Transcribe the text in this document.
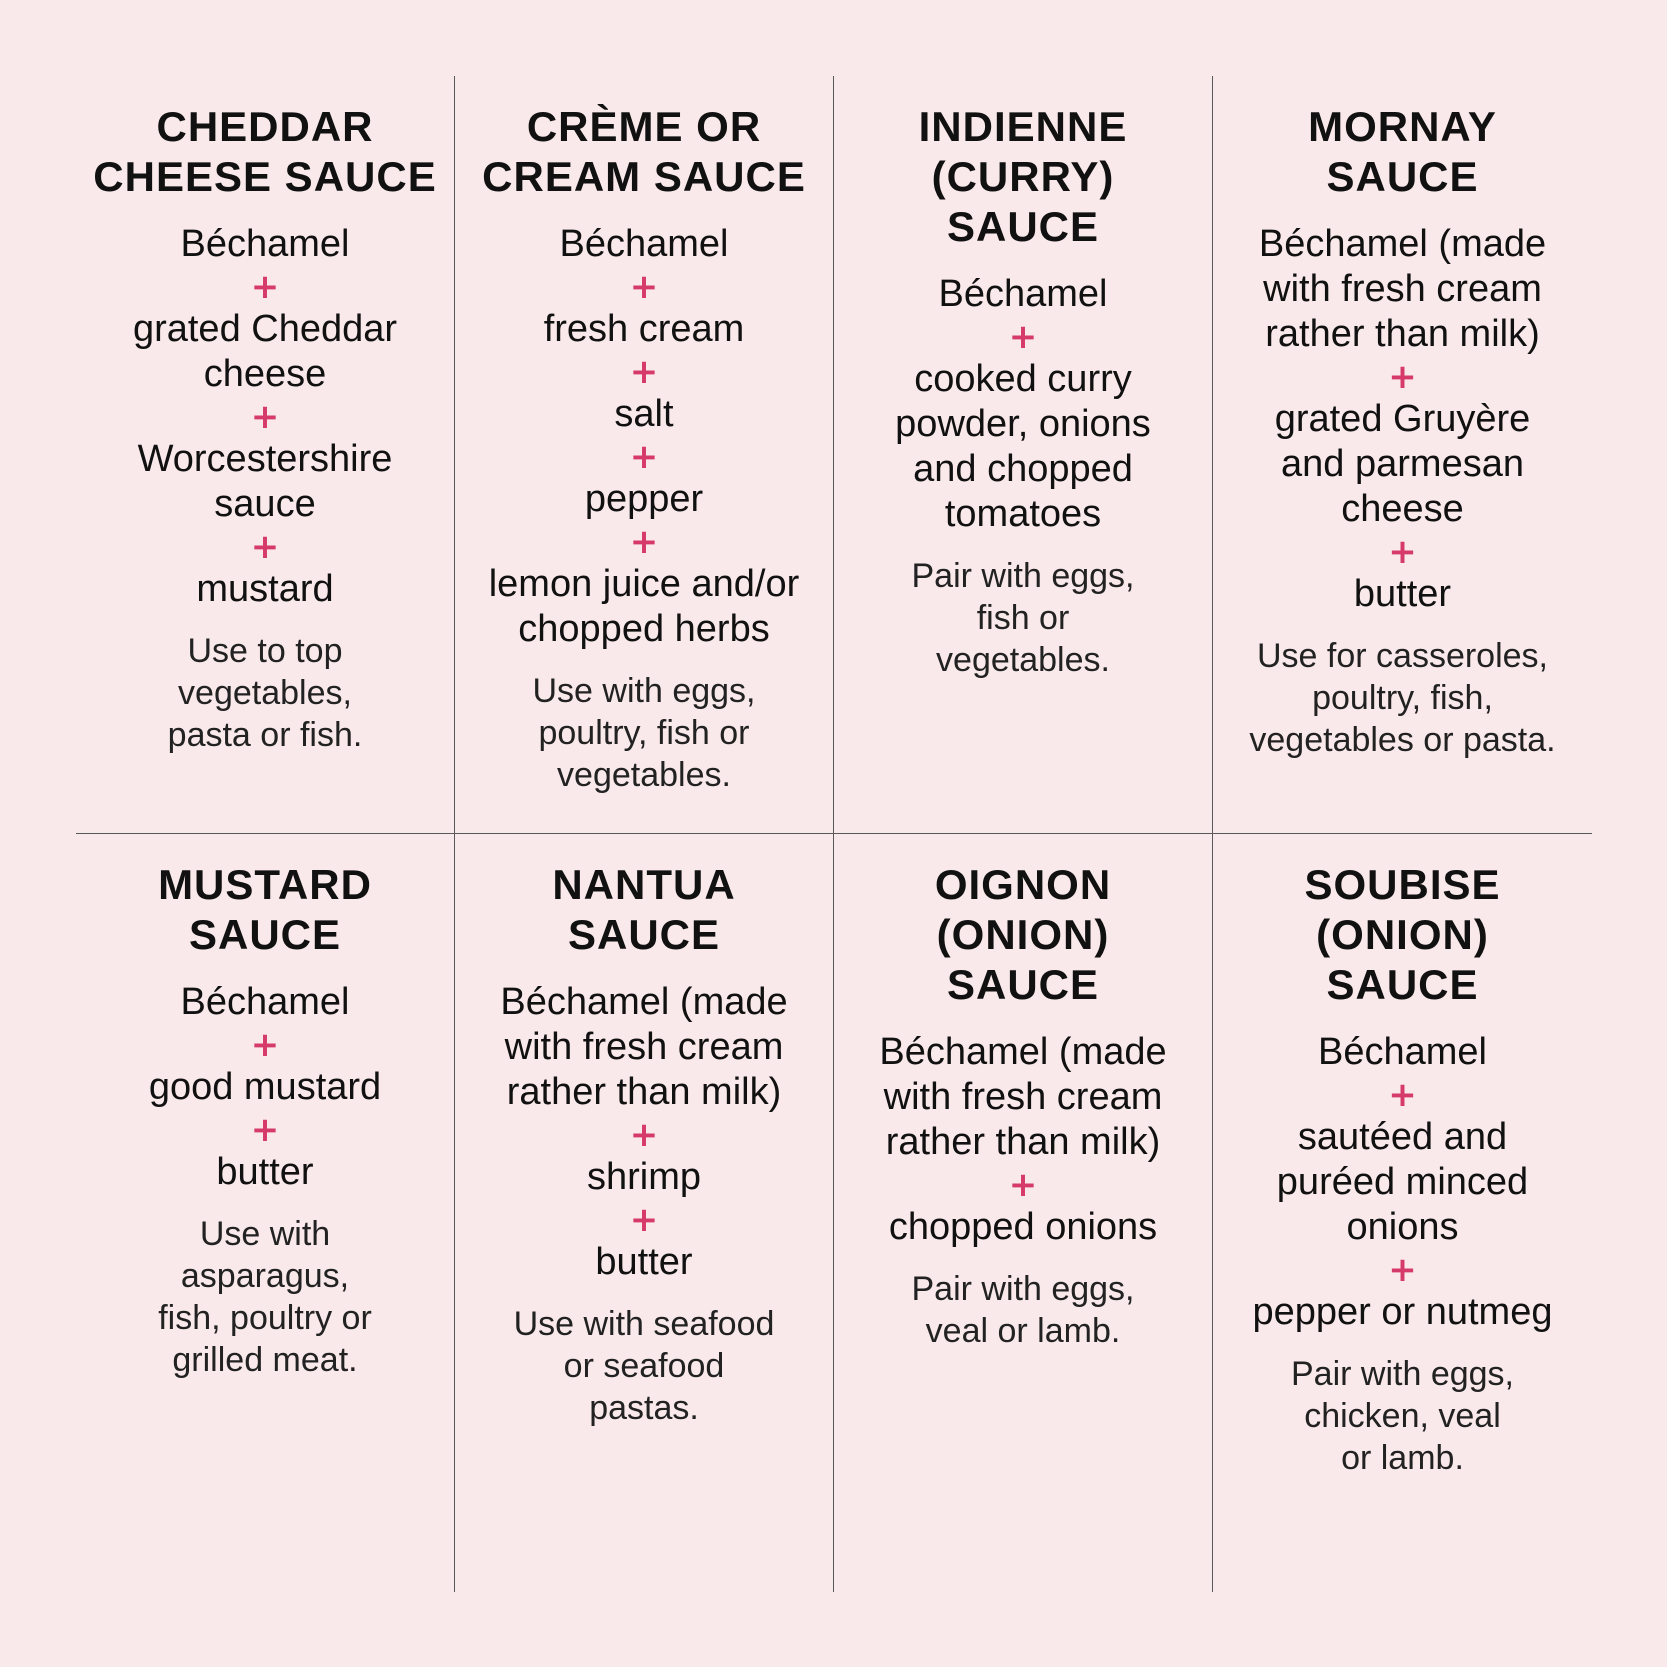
CHEDDAR
CHEESE SAUCE
Béchamel
+
grated Cheddar
cheese
+
Worcestershire
sauce
+
mustard
Use to top
vegetables,
pasta or fish.
CRÈME OR
CREAM SAUCE
Béchamel
+
fresh cream
+
salt
+
pepper
+
lemon juice and/or
chopped herbs
Use with eggs,
poultry, fish or
vegetables.
INDIENNE
(CURRY)
SAUCE
Béchamel
+
cooked curry
powder, onions
and chopped
tomatoes
Pair with eggs,
fish or
vegetables.
MORNAY
SAUCE
Béchamel (made
with fresh cream
rather than milk)
+
grated Gruyère
and parmesan
cheese
+
butter
Use for casseroles,
poultry, fish,
vegetables or pasta.
MUSTARD
SAUCE
Béchamel
+
good mustard
+
butter
Use with
asparagus,
fish, poultry or
grilled meat.
NANTUA
SAUCE
Béchamel (made
with fresh cream
rather than milk)
+
shrimp
+
butter
Use with seafood
or seafood
pastas.
OIGNON
(ONION)
SAUCE
Béchamel (made
with fresh cream
rather than milk)
+
chopped onions
Pair with eggs,
veal or lamb.
SOUBISE
(ONION)
SAUCE
Béchamel
+
sautéed and
puréed minced
onions
+
pepper or nutmeg
Pair with eggs,
chicken, veal
or lamb.
